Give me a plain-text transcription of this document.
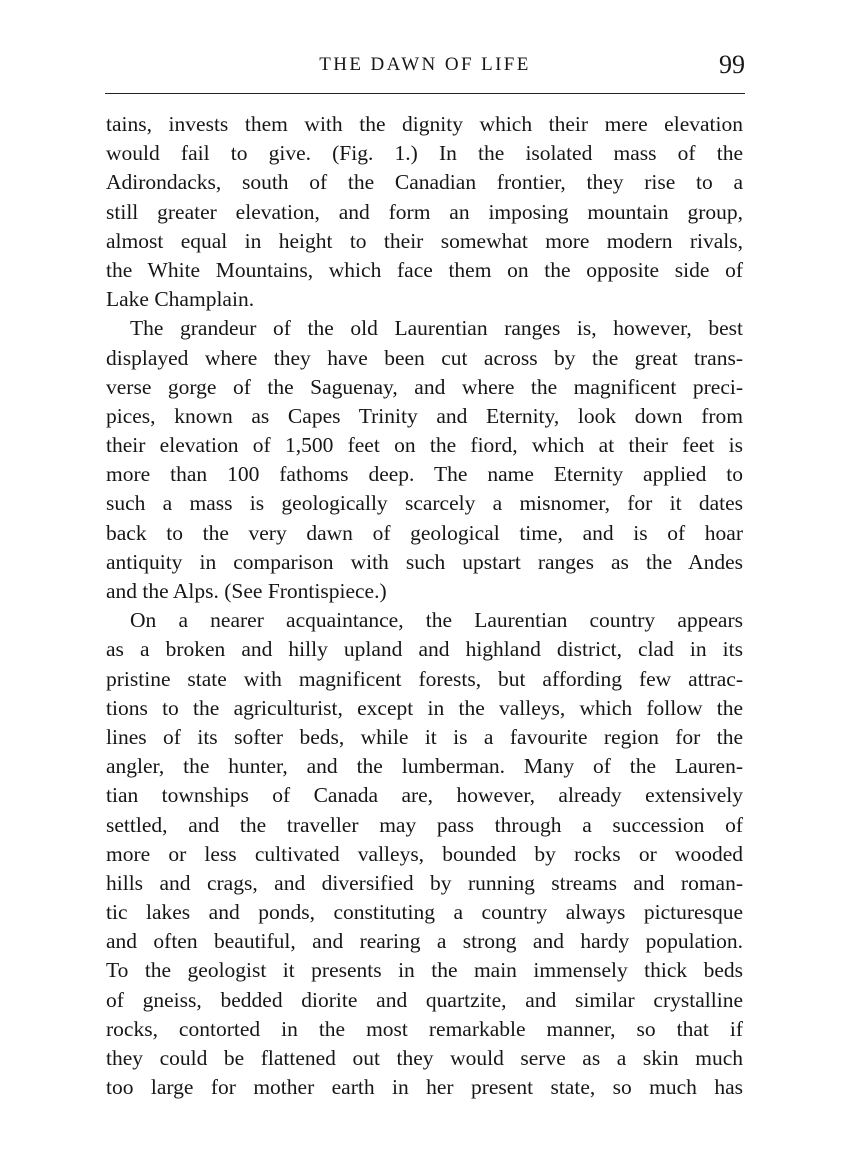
THE DAWN OF LIFE	99
tains, invests them with the dignity which their mere elevation
would fail to give. (Fig. 1.) In the isolated mass of the
Adirondacks, south of the Canadian frontier, they rise to a
still greater elevation, and form an imposing mountain group,
almost equal in height to their somewhat more modern rivals,
the White Mountains, which face them on the opposite side of
Lake Champlain.
The grandeur of the old Laurentian ranges is, however, best
displayed where they have been cut across by the great trans-
verse gorge of the Saguenay, and where the magnificent preci-
pices, known as Capes Trinity and Eternity, look down from
their elevation of 1,500 feet on the fiord, which at their feet is
more than 100 fathoms deep. The name Eternity applied to
such a mass is geologically scarcely a misnomer, for it dates
back to the very dawn of geological time, and is of hoar
antiquity in comparison with such upstart ranges as the Andes
and the Alps. (See Frontispiece.)
On a nearer acquaintance, the Laurentian country appears
as a broken and hilly upland and highland district, clad in its
pristine state with magnificent forests, but affording few attrac-
tions to the agriculturist, except in the valleys, which follow the
lines of its softer beds, while it is a favourite region for the
angler, the hunter, and the lumberman. Many of the Lauren-
tian townships of Canada are, however, already extensively
settled, and the traveller may pass through a succession of
more or less cultivated valleys, bounded by rocks or wooded
hills and crags, and diversified by running streams and roman-
tic lakes and ponds, constituting a country always picturesque
and often beautiful, and rearing a strong and hardy population.
To the geologist it presents in the main immensely thick beds
of gneiss, bedded diorite and quartzite, and similar crystalline
rocks, contorted in the most remarkable manner, so that if
they could be flattened out they would serve as a skin much
too large for mother earth in her present state, so much has
